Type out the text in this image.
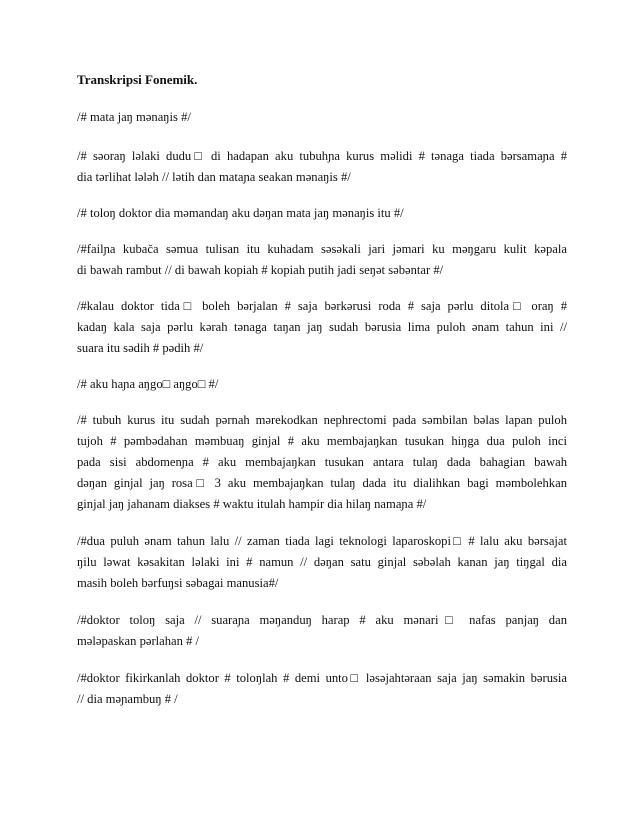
Transkripsi Fonemik.
/# mata jaŋ mənaŋis #/
/# səoraŋ ləlaki dudu□ di hadapan aku tubuhɲa kurus məlidi # tənaga tiada bərsamaɲa #
dia tərlihat lələh // lətih dan mataɲa seakan mənaŋis #/
/# toloŋ doktor dia məmandaŋ aku dəŋan mata jaŋ mənaŋis itu #/
/#failɲa kubača səmua tulisan itu kuhadam səsəkali jari jəmari ku məŋgaru kulit kəpala
di bawah rambut // di bawah kopiah # kopiah putih jadi seŋət səbəntar #/
/#kalau doktor tida□ boleh bərjalan # saja bərkərusi roda # saja pərlu ditola□ oraŋ #
kadaŋ kala saja pərlu kərah tənaga taŋan jaŋ sudah bərusia lima puloh ənam tahun ini //
suara itu sədih # pədih #/
/# aku haɲa aŋgo□ aŋgo□ #/
/# tubuh kurus itu sudah pərnah mərekodkan nephrectomi pada səmbilan bəlas lapan puloh
tujoh # pəmbədahan məmbuaŋ ginjal # aku membajaŋkan tusukan hiŋga dua puloh inci
pada sisi abdomenɲa # aku membajaŋkan tusukan antara tulaŋ dada bahagian bawah
dəŋan ginjal jaŋ rosa□ 3 aku membajaŋkan tulaŋ dada itu dialihkan bagi məmbolehkan
ginjal jaŋ jahanam diakses # waktu itulah hampir dia hilaŋ namaɲa #/
/#dua puluh ənam tahun lalu // zaman tiada lagi teknologi laparoskopi□ # lalu aku bərsajat
ŋilu ləwat kəsakitan ləlaki ini # namun // dəŋan satu ginjal səbəlah kanan jaŋ tiŋgal dia
masih boleh bərfuŋsi səbagai manusia#/
/#doktor toloŋ saja // suaraɲa məŋanduŋ harap # aku mənari□ nafas panjaŋ dan
mələpaskan pərlahan # /
/#doktor fikirkanlah doktor # toloŋlah # demi unto□ ləsəjahtəraan saja jaŋ səmakin bərusia
// dia məɲambuŋ # /
